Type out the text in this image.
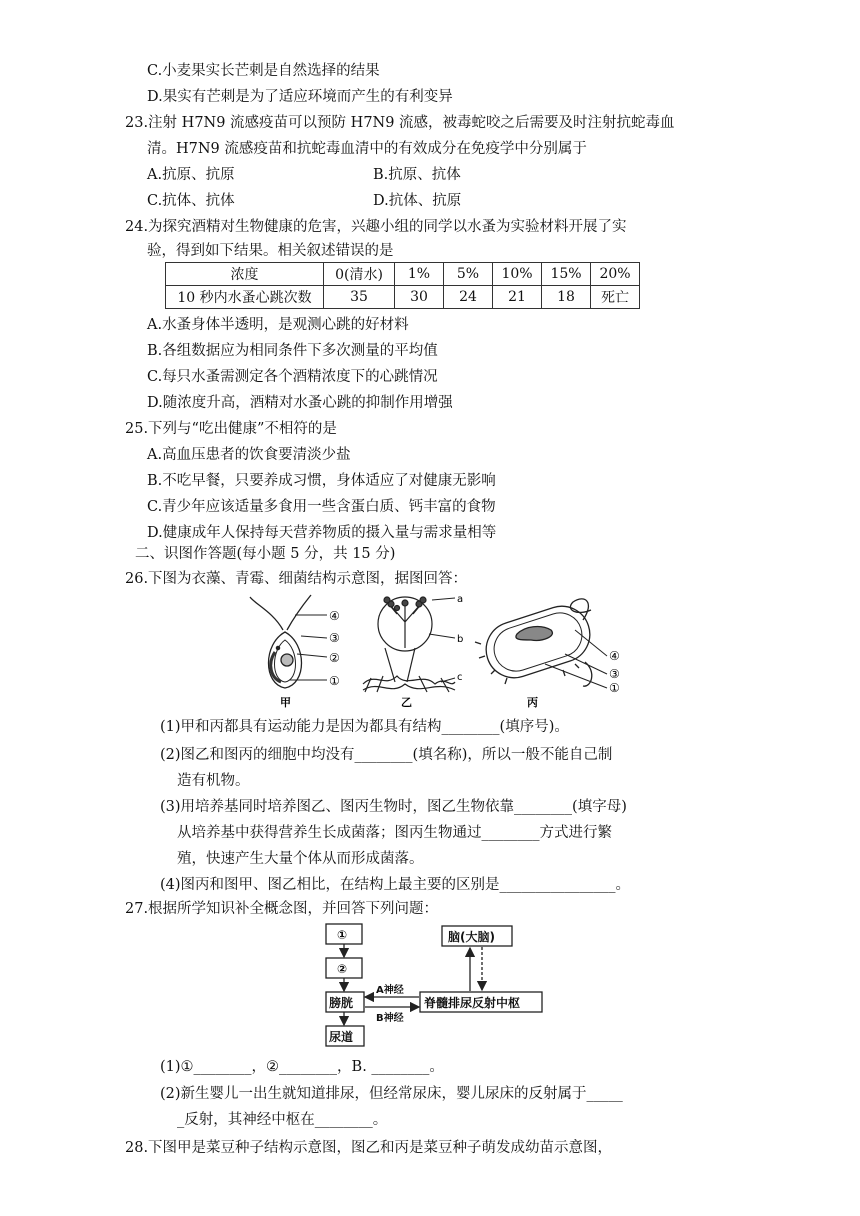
C.小麦果实长芒刺是自然选择的结果
D.果实有芒刺是为了适应环境而产生的有利变异
23.注射 H7N9 流感疫苗可以预防 H7N9 流感，被毒蛇咬之后需要及时注射抗蛇毒血
清。H7N9 流感疫苗和抗蛇毒血清中的有效成分在免疫学中分别属于
A.抗原、抗原	B.抗原、抗体
C.抗体、抗体	D.抗体、抗原
24.为探究酒精对生物健康的危害，兴趣小组的同学以水蚤为实验材料开展了实
验，得到如下结果。相关叙述错误的是
浓度	0(清水)	1%	5%	10%	15%	20%
10 秒内水蚤心跳次数	35	30	24	21	18	死亡
A.水蚤身体半透明，是观测心跳的好材料
B.各组数据应为相同条件下多次测量的平均值
C.每只水蚤需测定各个酒精浓度下的心跳情况
D.随浓度升高，酒精对水蚤心跳的抑制作用增强
25.下列与“吃出健康”不相符的是
A.高血压患者的饮食要清淡少盐
B.不吃早餐，只要养成习惯，身体适应了对健康无影响
C.青少年应该适量多食用一些含蛋白质、钙丰富的食物
D.健康成年人保持每天营养物质的摄入量与需求量相等
二、识图作答题(每小题 5 分，共 15 分)
26.下图为衣藻、青霉、细菌结构示意图，据图回答：
④
③
②
①
甲
a
b
c
乙
④
③
①
丙
(1)甲和丙都具有运动能力是因为都具有结构________(填序号)。
(2)图乙和图丙的细胞中均没有________(填名称)，所以一般不能自己制
造有机物。
(3)用培养基同时培养图乙、图丙生物时，图乙生物依靠________(填字母)
从培养基中获得营养生长成菌落；图丙生物通过________方式进行繁
殖，快速产生大量个体从而形成菌落。
(4)图丙和图甲、图乙相比，在结构上最主要的区别是________________。
27.根据所学知识补全概念图，并回答下列问题：
①
②
膀胱
尿道
脑(大脑)
脊髓排尿反射中枢
A神经
B神经
(1)①________，②________，B. ________。
(2)新生婴儿一出生就知道排尿，但经常尿床，婴儿尿床的反射属于_____
_反射，其神经中枢在________。
28.下图甲是菜豆种子结构示意图，图乙和丙是菜豆种子萌发成幼苗示意图，
